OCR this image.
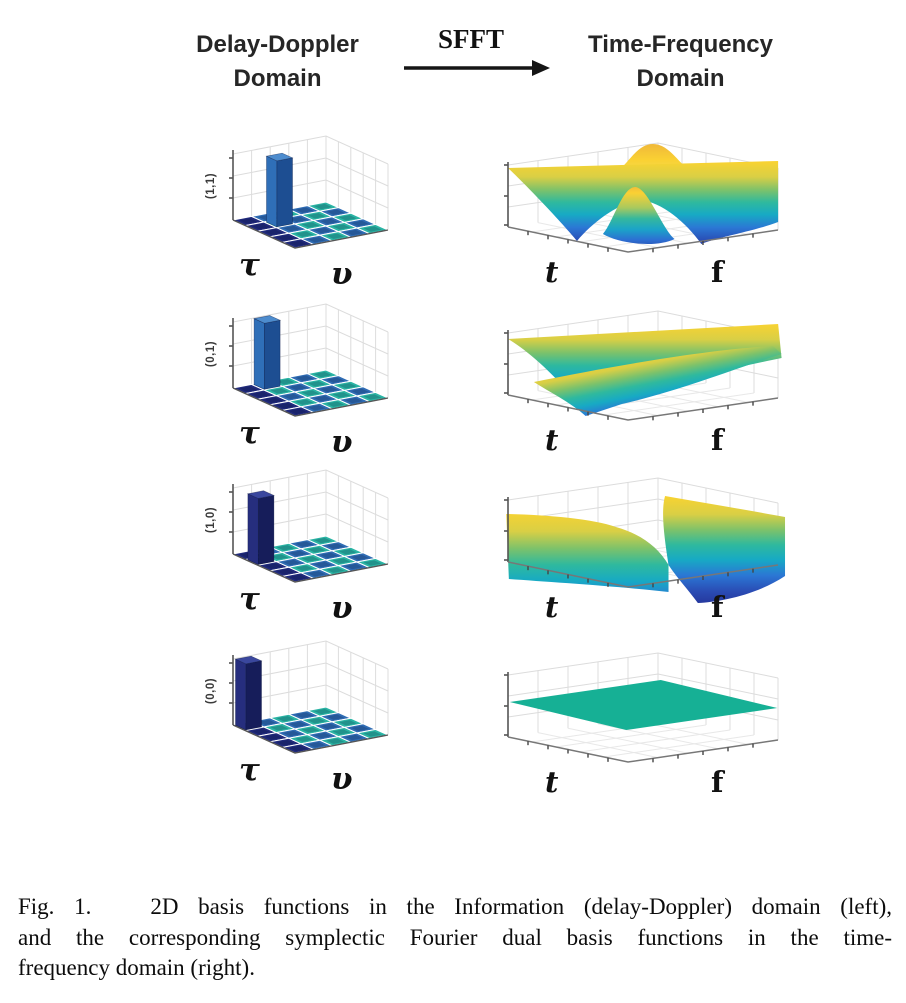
Delay-Doppler
Domain
SFFT	Time-Frequency
Domain
(1,1)
τ υ	t	f
(0,1)
τ υ	t	f
(1,0)
τ υ	t	f
(0,0)
τ υ	t	f
Fig. 1.   2D basis functions in the Information (delay-Doppler) domain (left),
and the corresponding symplectic Fourier dual basis functions in the time-
frequency domain (right).
